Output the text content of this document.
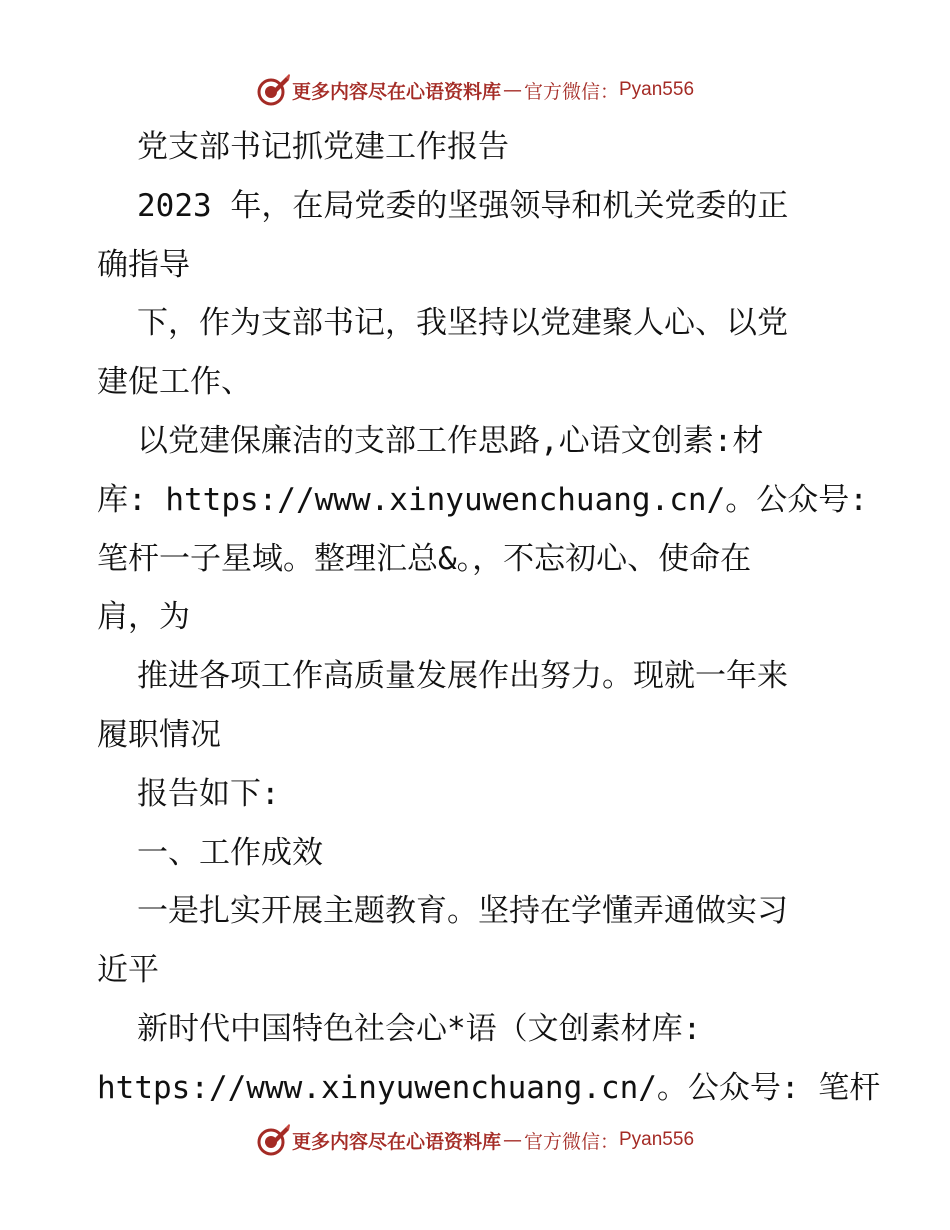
更多内容尽在心语资料库 — 官方微信： Pyan556
党支部书记抓党建工作报告
2023 年，在局党委的坚强领导和机关党委的正
确指导
下，作为支部书记，我坚持以党建聚人心、以党
建促工作、
以党建保廉洁的支部工作思路,心语文创素:材
库: https://www.xinyuwenchuang.cn/。公众号:
笔杆一子星域。整理汇总&。，不忘初心、使命在
肩，为
推进各项工作高质量发展作出努力。现就一年来
履职情况
报告如下:
一、工作成效
一是扎实开展主题教育。坚持在学懂弄通做实习
近平
新时代中国特色社会心*语（文创素材库:
https://www.xinyuwenchuang.cn/。公众号: 笔杆
更多内容尽在心语资料库 — 官方微信： Pyan556
